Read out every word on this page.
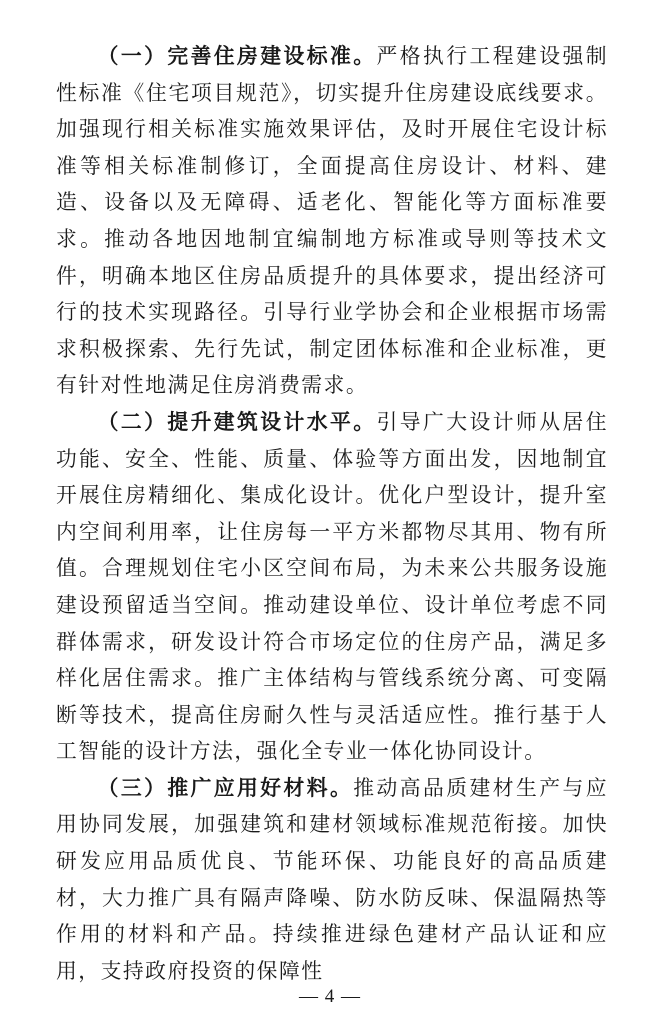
（一）完善住房建设标准。严格执行工程建设强制性标准《住宅项目规范》，切实提升住房建设底线要求。加强现行相关标准实施效果评估，及时开展住宅设计标准等相关标准制修订，全面提高住房设计、材料、建造、设备以及无障碍、适老化、智能化等方面标准要求。推动各地因地制宜编制地方标准或导则等技术文件，明确本地区住房品质提升的具体要求，提出经济可行的技术实现路径。引导行业学协会和企业根据市场需求积极探索、先行先试，制定团体标准和企业标准，更有针对性地满足住房消费需求。

（二）提升建筑设计水平。引导广大设计师从居住功能、安全、性能、质量、体验等方面出发，因地制宜开展住房精细化、集成化设计。优化户型设计，提升室内空间利用率，让住房每一平方米都物尽其用、物有所值。合理规划住宅小区空间布局，为未来公共服务设施建设预留适当空间。推动建设单位、设计单位考虑不同群体需求，研发设计符合市场定位的住房产品，满足多样化居住需求。推广主体结构与管线系统分离、可变隔断等技术，提高住房耐久性与灵活适应性。推行基于人工智能的设计方法，强化全专业一体化协同设计。

（三）推广应用好材料。推动高品质建材生产与应用协同发展，加强建筑和建材领域标准规范衔接。加快研发应用品质优良、节能环保、功能良好的高品质建材，大力推广具有隔声降噪、防水防反味、保温隔热等作用的材料和产品。持续推进绿色建材产品认证和应用，支持政府投资的保障性

— 4 —
